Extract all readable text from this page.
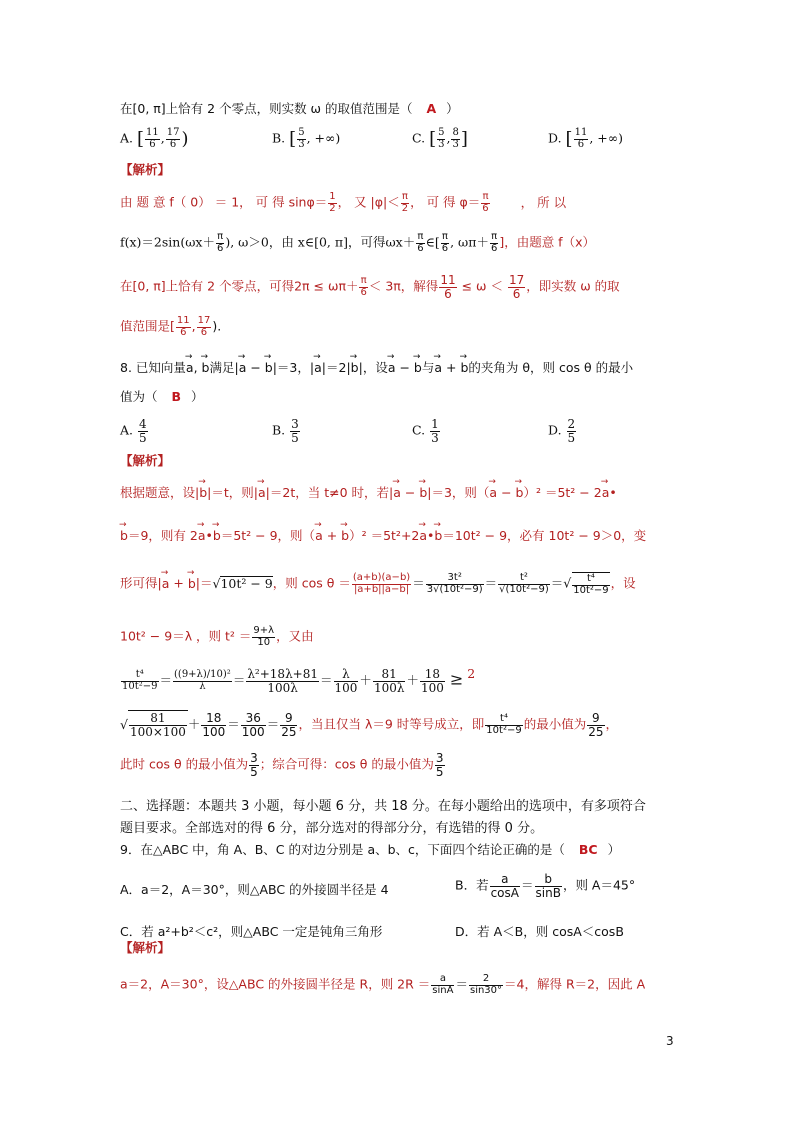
在[0, π]上恰有 2 个零点，则实数 ω 的取值范围是（ A ）
A. [ $\frac{11}{6}$ , $\frac{17}{6}$ )	B. [ $\frac{5}{3}$ , +∞)	C. [ $\frac{5}{3}$ , $\frac{8}{3}$ ]	D. [ $\frac{11}{6}$ , +∞)
【解析】
由 题 意 f（ 0） ＝ 1， 可 得 $\sin\varphi= \frac{1}{2}$ ， 又 $|\varphi|< \frac{\pi}{2}$ ， 可 得 $\varphi= \frac{\pi}{6}$ ， 所 以
$f(x)=2\sin(\omega x+ \frac{\pi}{6}$ ), ω＞0，由 x∈[0, π]，可得$\omega x+ \frac{\pi}{6}$ ∈[ $\frac{\pi}{6}$ , $\omega\pi+ \frac{\pi}{6}$ ]，由题意 f（x）
在[0, π]上恰有 2 个零点，可得$2\pi \le \omega\pi+ \frac{\pi}{6} < 3\pi$，解得 $\frac{11}{6} \le \omega < \frac{17}{6}$ ，即实数 ω 的取
值范围是[ $\frac{11}{6}$ , $\frac{17}{6}$ ).
8. 已知向量→ a, → b满足|→ a − → b|＝3，|→ a|＝2|→ b|，设→ a − → b与→ a + → b的夹角为 θ，则 cos θ 的最小
值为（ B ）
A. $\frac{4}{5}$	B. $\frac{3}{5}$	C. $\frac{1}{3}$	D. $\frac{2}{5}$
【解析】
根据题意，设|→ b|＝t，则|→ a|＝2t，当 t≠0 时，若|→ a − → b|＝3，则（→ a − → b）² ＝5t² − 2→ a•
→ b＝9，则有 2→ a•→ b＝5t² − 9，则（→ a + → b）² ＝5t²+2→ a•→ b＝10t² − 9，必有 10t² − 9＞0，变
形可得|→ a + → b|＝√10t² − 9，则 $\cos \theta = \frac{(a+b)(a-b)}{|a+b||a-b|} = \frac{\text{3t²}}{\text{3√(10t²−9)}} = \frac{\text{t²}}{\text{√(10t²−9)}}$ ＝√ $\frac{\text{t⁴}}{\text{10t²−9}}$ ，设
10t² − 9＝λ ，则 $t^2 = \frac{9+\lambda}{10}$ ，又由
$\frac{\text{t⁴}}{\text{10t²−9}} = \frac{\text{((9+λ)/10)²}}{\lambda} = \frac{\text{λ²+18λ+81}}{100\lambda} = \frac{\lambda}{100} + \frac{81}{100\lambda} + \frac{18}{100} \ge 2$
√ $\frac{81}{100\times 100} + \frac{18}{100} = \frac{36}{100} = \frac{9}{25}$ ，当且仅当 λ＝9 时等号成立，即 $\frac{\text{t⁴}}{\text{10t²−9}}$ 的最小值为 $\frac{9}{25}$ ，
此时 cos θ 的最小值为 $\frac{3}{5}$ ；综合可得：cos θ 的最小值为 $\frac{3}{5}$
二、选择题：本题共 3 小题，每小题 6 分，共 18 分。在每小题给出的选项中，有多项符合
题目要求。全部选对的得 6 分，部分选对的得部分分，有选错的得 0 分。
9．在△ABC 中，角 A、B、C 的对边分别是 a、b、c，下面四个结论正确的是（ BC ）
A．a＝2，A＝30°，则△ABC 的外接圆半径是 4	B．若 $\frac{a}{\cos A} = \frac{b}{\sin B}$ ，则 A＝45°
C．若 a²+b²＜c²，则△ABC 一定是钝角三角形	D．若 A＜B，则 cosA＜cosB
【解析】
a＝2，A＝30°，设△ABC 的外接圆半径是 R，则 $2R = \frac{a}{\sin A} = \frac{2}{\sin 30^\circ} =4$，解得 R＝2，因此 A
3
